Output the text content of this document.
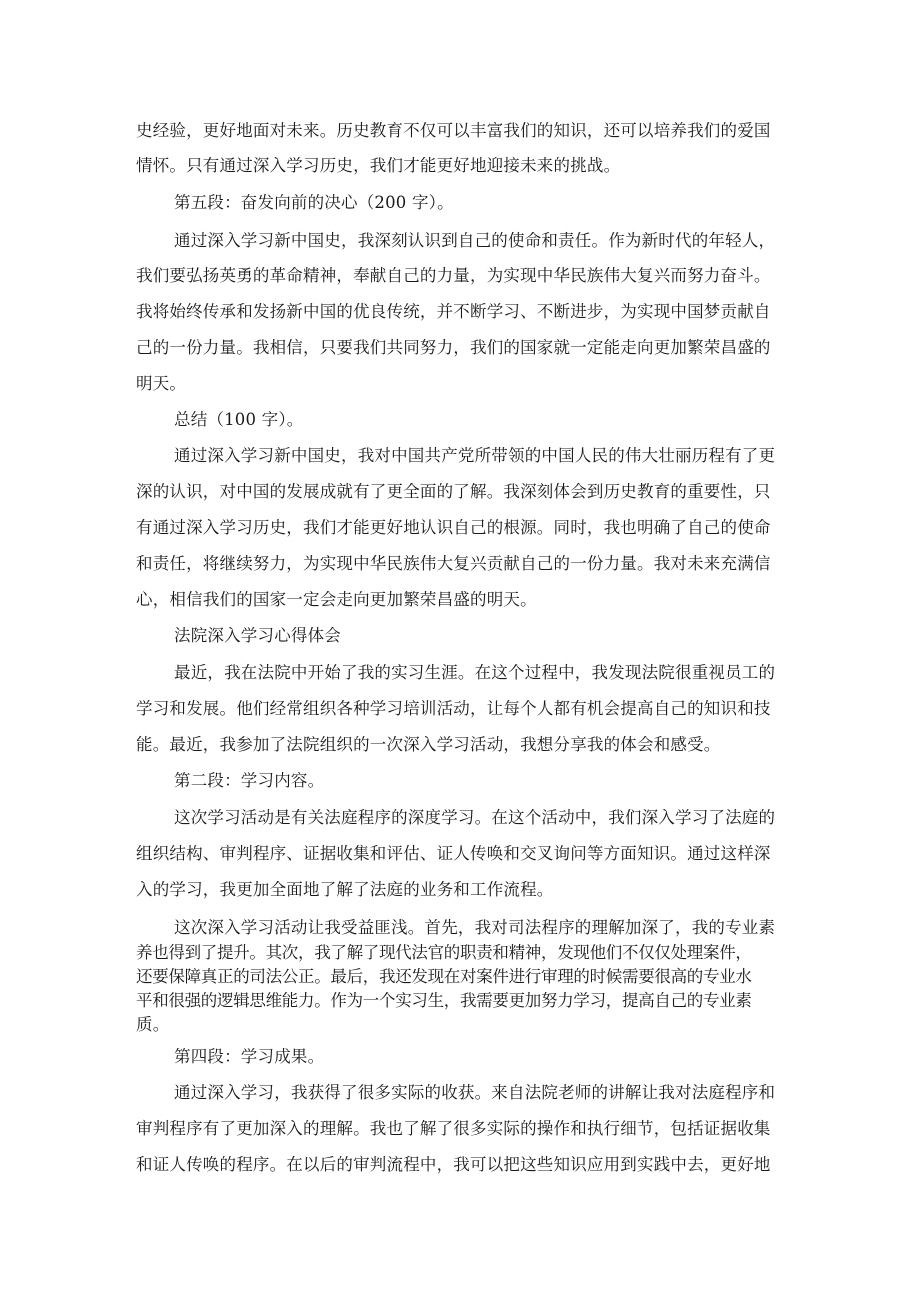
史经验，更好地面对未来。历史教育不仅可以丰富我们的知识，还可以培养我们的爱国
情怀。只有通过深入学习历史，我们才能更好地迎接未来的挑战。
第五段：奋发向前的决心（200 字）。
通过深入学习新中国史，我深刻认识到自己的使命和责任。作为新时代的年轻人，
我们要弘扬英勇的革命精神，奉献自己的力量，为实现中华民族伟大复兴而努力奋斗。
我将始终传承和发扬新中国的优良传统，并不断学习、不断进步，为实现中国梦贡献自
己的一份力量。我相信，只要我们共同努力，我们的国家就一定能走向更加繁荣昌盛的
明天。
总结（100 字）。
通过深入学习新中国史，我对中国共产党所带领的中国人民的伟大壮丽历程有了更
深的认识，对中国的发展成就有了更全面的了解。我深刻体会到历史教育的重要性，只
有通过深入学习历史，我们才能更好地认识自己的根源。同时，我也明确了自己的使命
和责任，将继续努力，为实现中华民族伟大复兴贡献自己的一份力量。我对未来充满信
心，相信我们的国家一定会走向更加繁荣昌盛的明天。
法院深入学习心得体会
最近，我在法院中开始了我的实习生涯。在这个过程中，我发现法院很重视员工的
学习和发展。他们经常组织各种学习培训活动，让每个人都有机会提高自己的知识和技
能。最近，我参加了法院组织的一次深入学习活动，我想分享我的体会和感受。
第二段：学习内容。
这次学习活动是有关法庭程序的深度学习。在这个活动中，我们深入学习了法庭的
组织结构、审判程序、证据收集和评估、证人传唤和交叉询问等方面知识。通过这样深
入的学习，我更加全面地了解了法庭的业务和工作流程。
这次深入学习活动让我受益匪浅。首先，我对司法程序的理解加深了，我的专业素
养也得到了提升。其次，我了解了现代法官的职责和精神，发现他们不仅仅处理案件，
还要保障真正的司法公正。最后，我还发现在对案件进行审理的时候需要很高的专业水
平和很强的逻辑思维能力。作为一个实习生，我需要更加努力学习，提高自己的专业素
质。
第四段：学习成果。
通过深入学习，我获得了很多实际的收获。来自法院老师的讲解让我对法庭程序和
审判程序有了更加深入的理解。我也了解了很多实际的操作和执行细节，包括证据收集
和证人传唤的程序。在以后的审判流程中，我可以把这些知识应用到实践中去，更好地
